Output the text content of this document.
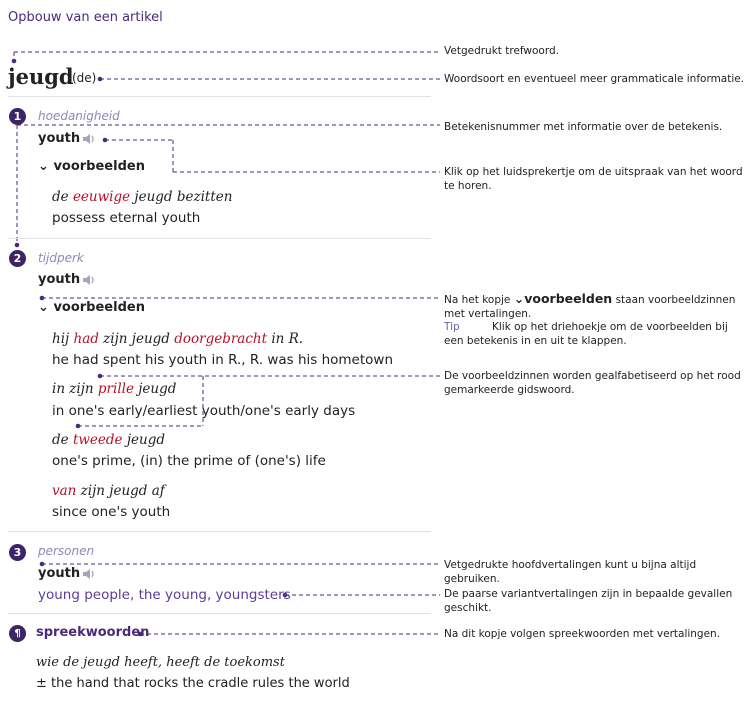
Opbouw van een artikel
jeugd
(de)
1	hoedanigheid
youth
⌄ voorbeelden
de eeuwige jeugd bezitten
possess eternal youth
2	tijdperk
youth
⌄ voorbeelden
hij had zijn jeugd doorgebracht in R.
he had spent his youth in R., R. was his hometown
in zijn prille jeugd
in one's early/earliest youth/one's early days
de tweede jeugd
one's prime, (in) the prime of (one's) life
van zijn jeugd af
since one's youth
3	personen
youth
young people, the young, youngsters
¶	spreekwoorden
wie de jeugd heeft, heeft de toekomst
± the hand that rocks the cradle rules the world
Vetgedrukt trefwoord.
Woordsoort en eventueel meer grammaticale informatie.
Betekenisnummer met informatie over de betekenis.
Klik op het luidsprekertje om de uitspraak van het woord te horen.
Na het kopje ⌄voorbeelden staan voorbeeldzinnen met vertalingen.
Tip	Klik op het driehoekje om de voorbeelden bij een betekenis in en uit te klappen.
De voorbeeldzinnen worden gealfabetiseerd op het rood gemarkeerde gidswoord.
Vetgedrukte hoofdvertalingen kunt u bijna altijd gebruiken.
De paarse variantvertalingen zijn in bepaalde gevallen geschikt.
Na dit kopje volgen spreekwoorden met vertalingen.
